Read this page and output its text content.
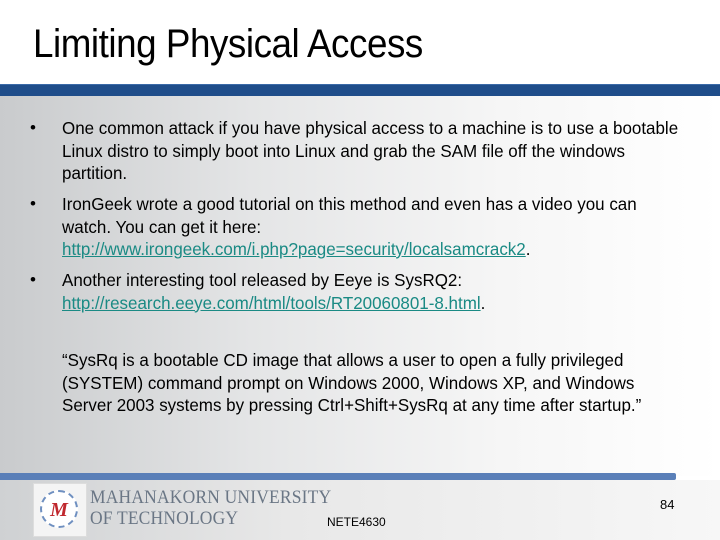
Limiting Physical Access
• One common attack if you have physical access to a machine is to use a bootable Linux distro to simply boot into Linux and grab the SAM file off the windows partition.
• IronGeek wrote a good tutorial on this method and even has a video you can watch. You can get it here:
http://www.irongeek.com/i.php?page=security/localsamcrack2.
• Another interesting tool released by Eeye is SysRQ2:
http://research.eeye.com/html/tools/RT20060801-8.html.
“SysRq is a bootable CD image that allows a user to open a fully privileged (SYSTEM) command prompt on Windows 2000, Windows XP, and Windows Server 2003 systems by pressing Ctrl+Shift+SysRq at any time after startup.”
M
MAHANAKORN UNIVERSITY
OF TECHNOLOGY	NETE4630
84
